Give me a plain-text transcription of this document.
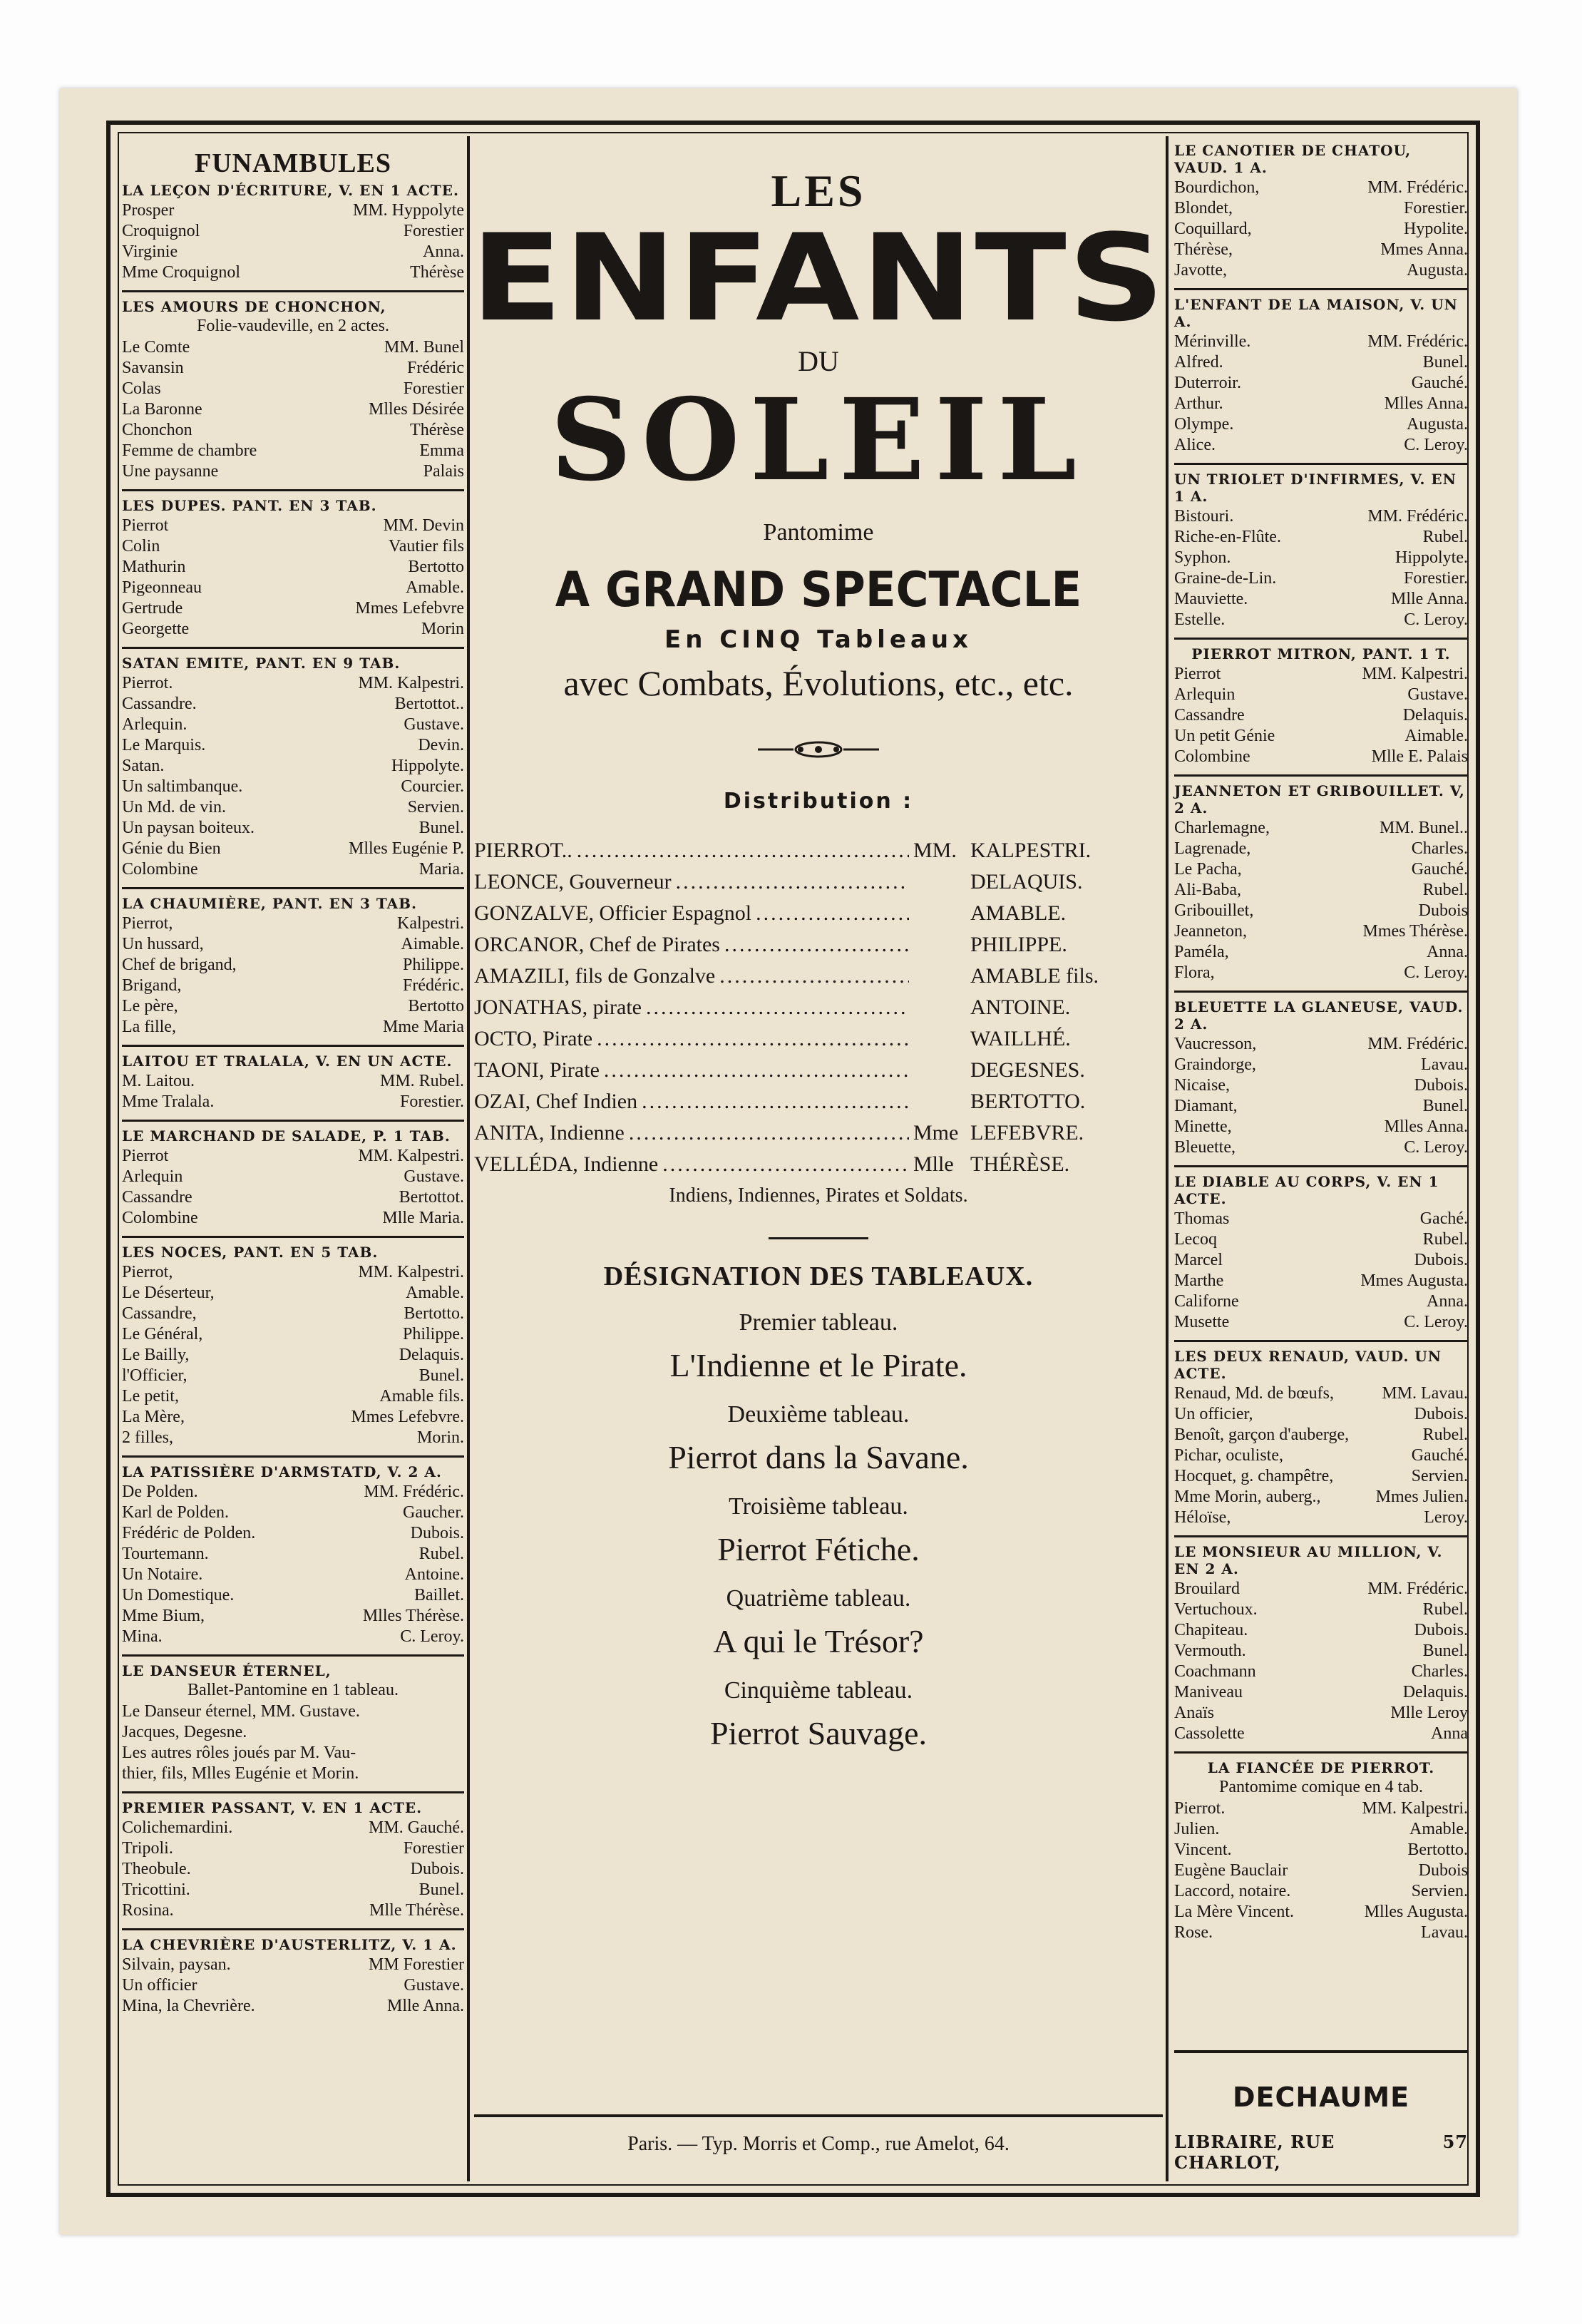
FUNAMBULES
LA LEÇON D'ÉCRITURE, V. EN 1 ACTE.
Prosper	MM. Hyppolyte
Croquignol	Forestier
Virginie	Anna.
Mme Croquignol	Thérèse
LES AMOURS DE CHONCHON,
Folie-vaudeville, en 2 actes.
Le Comte	MM. Bunel
Savansin	Frédéric
Colas	Forestier
La Baronne	Mlles Désirée
Chonchon	Thérèse
Femme de chambre	Emma
Une paysanne	Palais
LES DUPES. PANT. EN 3 TAB.
Pierrot	MM. Devin
Colin	Vautier fils
Mathurin	Bertotto
Pigeonneau	Amable.
Gertrude	Mmes Lefebvre
Georgette	Morin
SATAN EMITE, PANT. EN 9 TAB.
Pierrot.	MM. Kalpestri.
Cassandre.	Bertottot..
Arlequin.	Gustave.
Le Marquis.	Devin.
Satan.	Hippolyte.
Un saltimbanque.	Courcier.
Un Md. de vin.	Servien.
Un paysan boiteux.	Bunel.
Génie du Bien	Mlles Eugénie P.
Colombine	Maria.
LA CHAUMIÈRE, PANT. EN 3 TAB.
Pierrot,	Kalpestri.
Un hussard,	Aimable.
Chef de brigand,	Philippe.
Brigand,	Frédéric.
Le père,	Bertotto
La fille,	Mme Maria
LAITOU ET TRALALA, V. EN UN ACTE.
M. Laitou.	MM. Rubel.
Mme Tralala.	Forestier.
LE MARCHAND DE SALADE, P. 1 TAB.
Pierrot	MM. Kalpestri.
Arlequin	Gustave.
Cassandre	Bertottot.
Colombine	Mlle Maria.
LES NOCES, PANT. EN 5 TAB.
Pierrot,	MM. Kalpestri.
Le Déserteur,	Amable.
Cassandre,	Bertotto.
Le Général,	Philippe.
Le Bailly,	Delaquis.
l'Officier,	Bunel.
Le petit,	Amable fils.
La Mère,	Mmes Lefebvre.
2 filles,	Morin.
LA PATISSIÈRE D'ARMSTATD, V. 2 A.
De Polden.	MM. Frédéric.
Karl de Polden.	Gaucher.
Frédéric de Polden.	Dubois.
Tourtemann.	Rubel.
Un Notaire.	Antoine.
Un Domestique.	Baillet.
Mme Bium,	Mlles Thérèse.
Mina.	C. Leroy.
LE DANSEUR ÉTERNEL,
Ballet-Pantomine en 1 tableau.
Le Danseur éternel, MM. Gustave.
Jacques, Degesne.
Les autres rôles joués par M. Vau-
thier, fils, Mlles Eugénie et Morin.
PREMIER PASSANT, V. EN 1 ACTE.
Colichemardini.	MM. Gauché.
Tripoli.	Forestier
Theobule.	Dubois.
Tricottini.	Bunel.
Rosina.	Mlle Thérèse.
LA CHEVRIÈRE D'AUSTERLITZ, V. 1 A.
Silvain, paysan.	MM Forestier
Un officier	Gustave.
Mina, la Chevrière.	Mlle Anna.
LES
ENFANTS
DU
SOLEIL
Pantomime
A GRAND SPECTACLE
En CINQ Tableaux
avec Combats, Évolutions, etc., etc.
Distribution :
PIERROT.. .....	MM. KALPESTRI.
LEONCE, Gouverneur .....	DELAQUIS.
GONZALVE, Officier Espagnol .....	AMABLE.
ORCANOR, Chef de Pirates .....	PHILIPPE.
AMAZILI, fils de Gonzalve .....	AMABLE fils.
JONATHAS, pirate .....	ANTOINE.
OCTO, Pirate .....	WAILLHÉ.
TAONI, Pirate .....	DEGESNES.
OZAI, Chef Indien .....	BERTOTTO.
ANITA, Indienne .....	Mme LEFEBVRE.
VELLÉDA, Indienne .....	Mlle THÉRÈSE.
Indiens, Indiennes, Pirates et Soldats.
DÉSIGNATION DES TABLEAUX.
Premier tableau.
L'Indienne et le Pirate.
Deuxième tableau.
Pierrot dans la Savane.
Troisième tableau.
Pierrot Fétiche.
Quatrième tableau.
A qui le Trésor?
Cinquième tableau.
Pierrot Sauvage.
Paris. — Typ. Morris et Comp., rue Amelot, 64.
LE CANOTIER DE CHATOU, VAUD. 1 A.
Bourdichon,	MM. Frédéric.
Blondet,	Forestier.
Coquillard,	Hypolite.
Thérèse,	Mmes Anna.
Javotte,	Augusta.
L'ENFANT DE LA MAISON, V. UN A.
Mérinville.	MM. Frédéric.
Alfred.	Bunel.
Duterroir.	Gauché.
Arthur.	Mlles Anna.
Olympe.	Augusta.
Alice.	C. Leroy.
UN TRIOLET D'INFIRMES, V. EN 1 A.
Bistouri.	MM. Frédéric.
Riche-en-Flûte.	Rubel.
Syphon.	Hippolyte.
Graine-de-Lin.	Forestier.
Mauviette.	Mlle Anna.
Estelle.	C. Leroy.
PIERROT MITRON, PANT. 1 T.
Pierrot	MM. Kalpestri.
Arlequin	Gustave.
Cassandre	Delaquis.
Un petit Génie	Aimable.
Colombine	Mlle E. Palais
JEANNETON ET GRIBOUILLET. V, 2 A.
Charlemagne,	MM. Bunel..
Lagrenade,	Charles.
Le Pacha,	Gauché.
Ali-Baba,	Rubel.
Gribouillet,	Dubois
Jeanneton,	Mmes Thérèse.
Paméla,	Anna.
Flora,	C. Leroy.
BLEUETTE LA GLANEUSE, VAUD. 2 A.
Vaucresson,	MM. Frédéric.
Graindorge,	Lavau.
Nicaise,	Dubois.
Diamant,	Bunel.
Minette,	Mlles Anna.
Bleuette,	C. Leroy.
LE DIABLE AU CORPS, V. EN 1 ACTE.
Thomas	Gaché.
Lecoq	Rubel.
Marcel	Dubois.
Marthe	Mmes Augusta.
Californe	Anna.
Musette	C. Leroy.
LES DEUX RENAUD, VAUD. UN ACTE.
Renaud, Md. de bœufs,	MM. Lavau.
Un officier,	Dubois.
Benoît, garçon d'auberge,	Rubel.
Pichar, oculiste,	Gauché.
Hocquet, g. champêtre,	Servien.
Mme Morin, auberg.,	Mmes Julien.
Héloïse,	Leroy.
LE MONSIEUR AU MILLION, V. EN 2 A.
Brouilard	MM. Frédéric.
Vertuchoux.	Rubel.
Chapiteau.	Dubois.
Vermouth.	Bunel.
Coachmann	Charles.
Maniveau	Delaquis.
Anaïs	Mlle Leroy
Cassolette	Anna
LA FIANCÉE DE PIERROT.
Pantomime comique en 4 tab.
Pierrot.	MM. Kalpestri.
Julien.	Amable.
Vincent.	Bertotto.
Eugène Bauclair	Dubois
Laccord, notaire.	Servien.
La Mère Vincent.	Mlles Augusta.
Rose.	Lavau.
DECHAUME
LIBRAIRE, RUE CHARLOT,
57
